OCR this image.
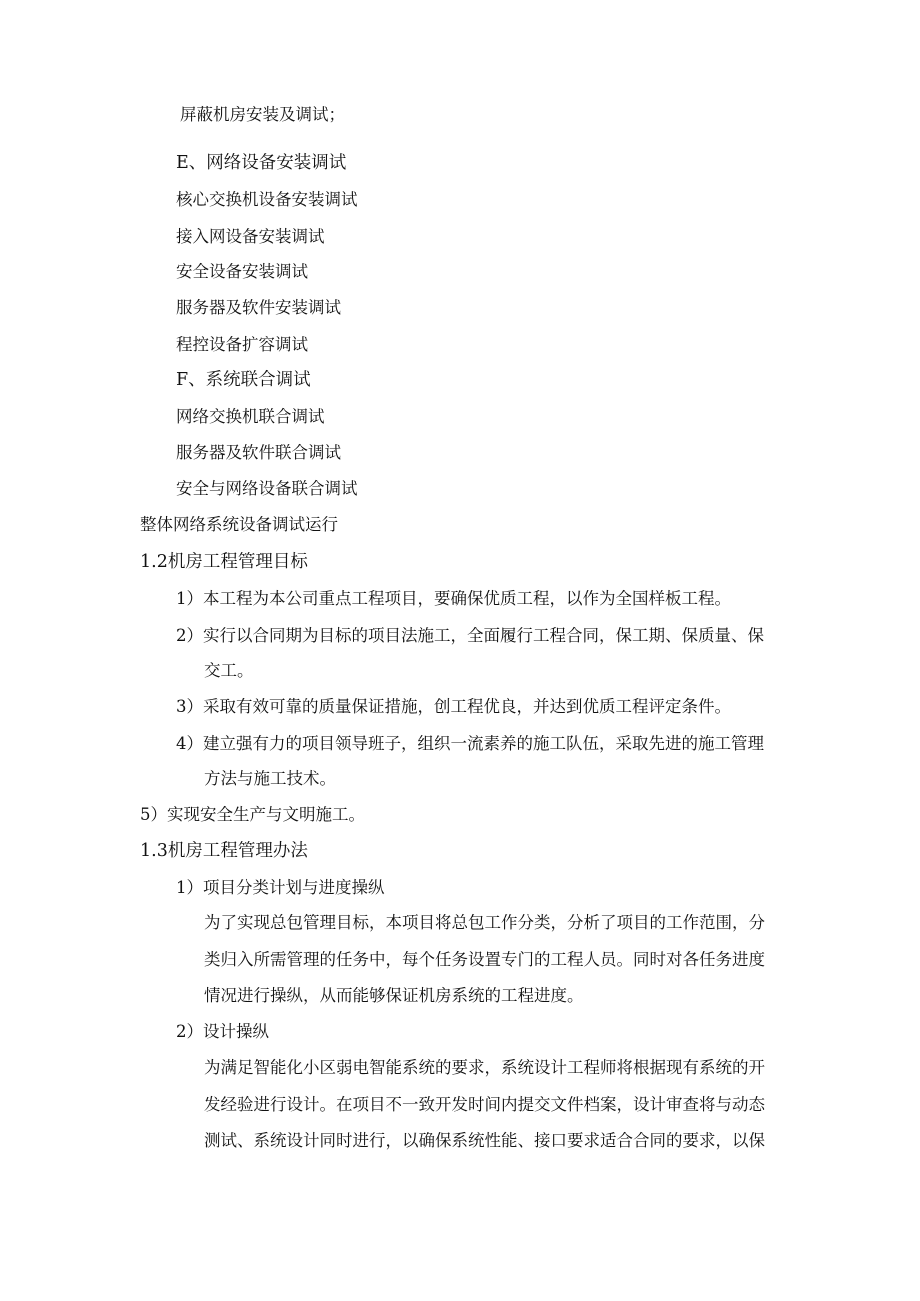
屏蔽机房安装及调试；
E、网络设备安装调试
核心交换机设备安装调试
接入网设备安装调试
安全设备安装调试
服务器及软件安装调试
程控设备扩容调试
F、系统联合调试
网络交换机联合调试
服务器及软件联合调试
安全与网络设备联合调试
整体网络系统设备调试运行
1.2机房工程管理目标
1）本工程为本公司重点工程项目，要确保优质工程，以作为全国样板工程。
2）实行以合同期为目标的项目法施工，全面履行工程合同，保工期、保质量、保
交工。
3）采取有效可靠的质量保证措施，创工程优良，并达到优质工程评定条件。
4）建立强有力的项目领导班子，组织一流素养的施工队伍，采取先进的施工管理
方法与施工技术。
5）实现安全生产与文明施工。
1.3机房工程管理办法
1）项目分类计划与进度操纵
为了实现总包管理目标，本项目将总包工作分类，分析了项目的工作范围，分
类归入所需管理的任务中，每个任务设置专门的工程人员。同时对各任务进度
情况进行操纵，从而能够保证机房系统的工程进度。
2）设计操纵
为满足智能化小区弱电智能系统的要求，系统设计工程师将根据现有系统的开
发经验进行设计。在项目不一致开发时间内提交文件档案，设计审查将与动态
测试、系统设计同时进行，以确保系统性能、接口要求适合合同的要求，以保
